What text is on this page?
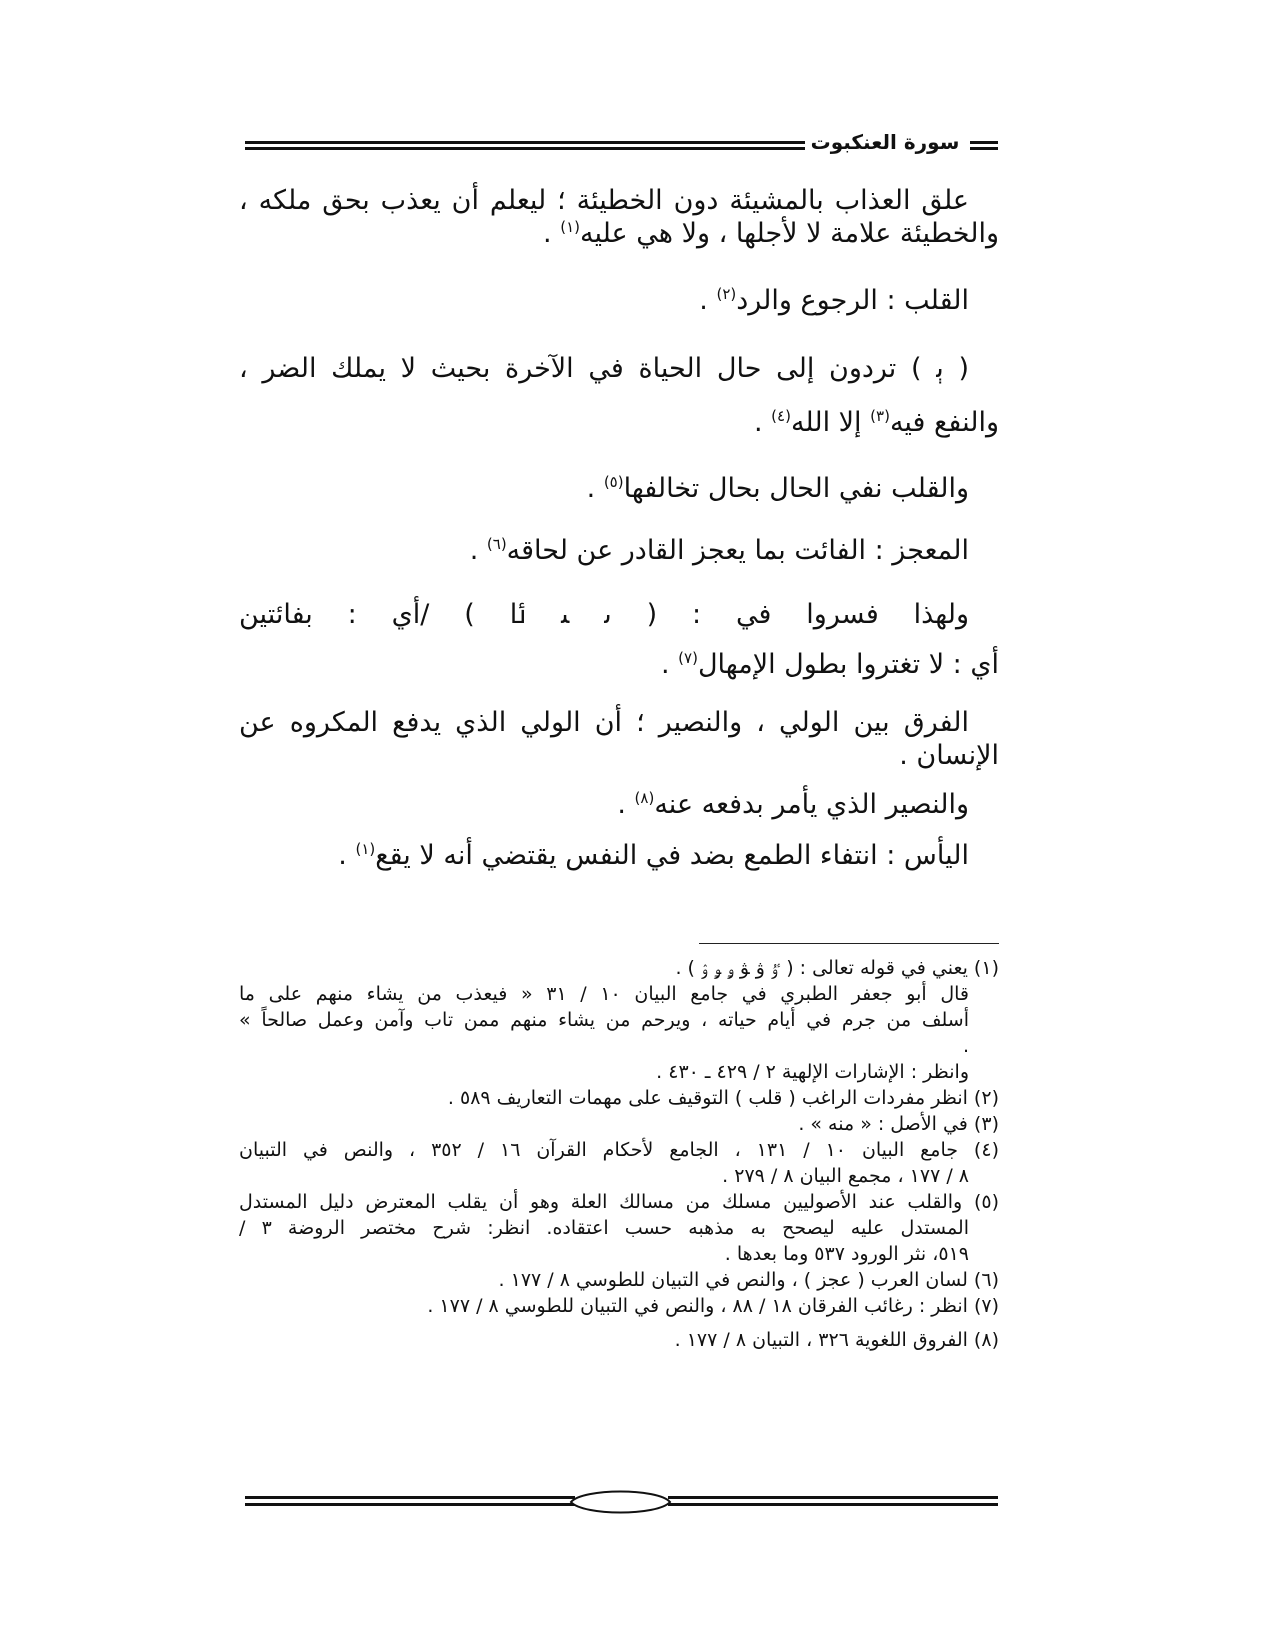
سورة العنكبوت
علق العذاب بالمشيئة دون الخطيئة ؛ ليعلم أن يعذب بحق ملكه ،
والخطيئة علامة لا لأجلها ، ولا هي عليه$^{(١)}$ .
القلب : الرجوع والرد$^{(٢)}$ .
( ﯦ ) تردون إلى حال الحياة في الآخرة بحيث لا يملك الضر ،
والنفع فيه$^{(٣)}$ إلا الله$^{(٤)}$ .
والقلب نفي الحال بحال تخالفها$^{(٥)}$ .
المعجز : الفائت بما يعجز القادر عن لحاقه$^{(٦)}$ .
ولهذا فسروا في : ( ﯨ ﯩ ﯪ ) /أي : بفائتين
أي : لا تغتروا بطول الإمهال$^{(٧)}$ .
الفرق بين الولي ، والنصير ؛ أن الولي الذي يدفع المكروه عن
الإنسان .
والنصير الذي يأمر بدفعه عنه$^{(٨)}$ .
اليأس : انتفاء الطمع بضد في النفس يقتضي أنه لا يقع$^{(١)}$ .
(١) يعني في قوله تعالى : ( ﯝ ﯞ ﯟ ﯠ ﯡ ﯢ ) .
قال أبو جعفر الطبري في جامع البيان ١٠ / ٣١ « فيعذب من يشاء منهم على ما
أسلف من جرم في أيام حياته ، ويرحم من يشاء منهم ممن تاب وآمن وعمل صالحاً »
.
وانظر : الإشارات الإلهية ٢ / ٤٢٩ ـ ٤٣٠ .
(٢) انظر مفردات الراغب ( قلب ) التوقيف على مهمات التعاريف ٥٨٩ .
(٣) في الأصل : « منه » .
(٤) جامع البيان ١٠ / ١٣١ ، الجامع لأحكام القرآن ١٦ / ٣٥٢ ، والنص في التبيان
٨ / ١٧٧ ، مجمع البيان ٨ / ٢٧٩ .
(٥) والقلب عند الأصوليين مسلك من مسالك العلة وهو أن يقلب المعترض دليل المستدل
المستدل عليه ليصحح به مذهبه حسب اعتقاده. انظر: شرح مختصر الروضة ٣ /
٥١٩، نثر الورود ٥٣٧ وما بعدها .
(٦) لسان العرب ( عجز ) ، والنص في التبيان للطوسي ٨ / ١٧٧ .
(٧) انظر : رغائب الفرقان ١٨ / ٨٨ ، والنص في التبيان للطوسي ٨ / ١٧٧ .
(٨) الفروق اللغوية ٣٢٦ ، التبيان ٨ / ١٧٧ .
